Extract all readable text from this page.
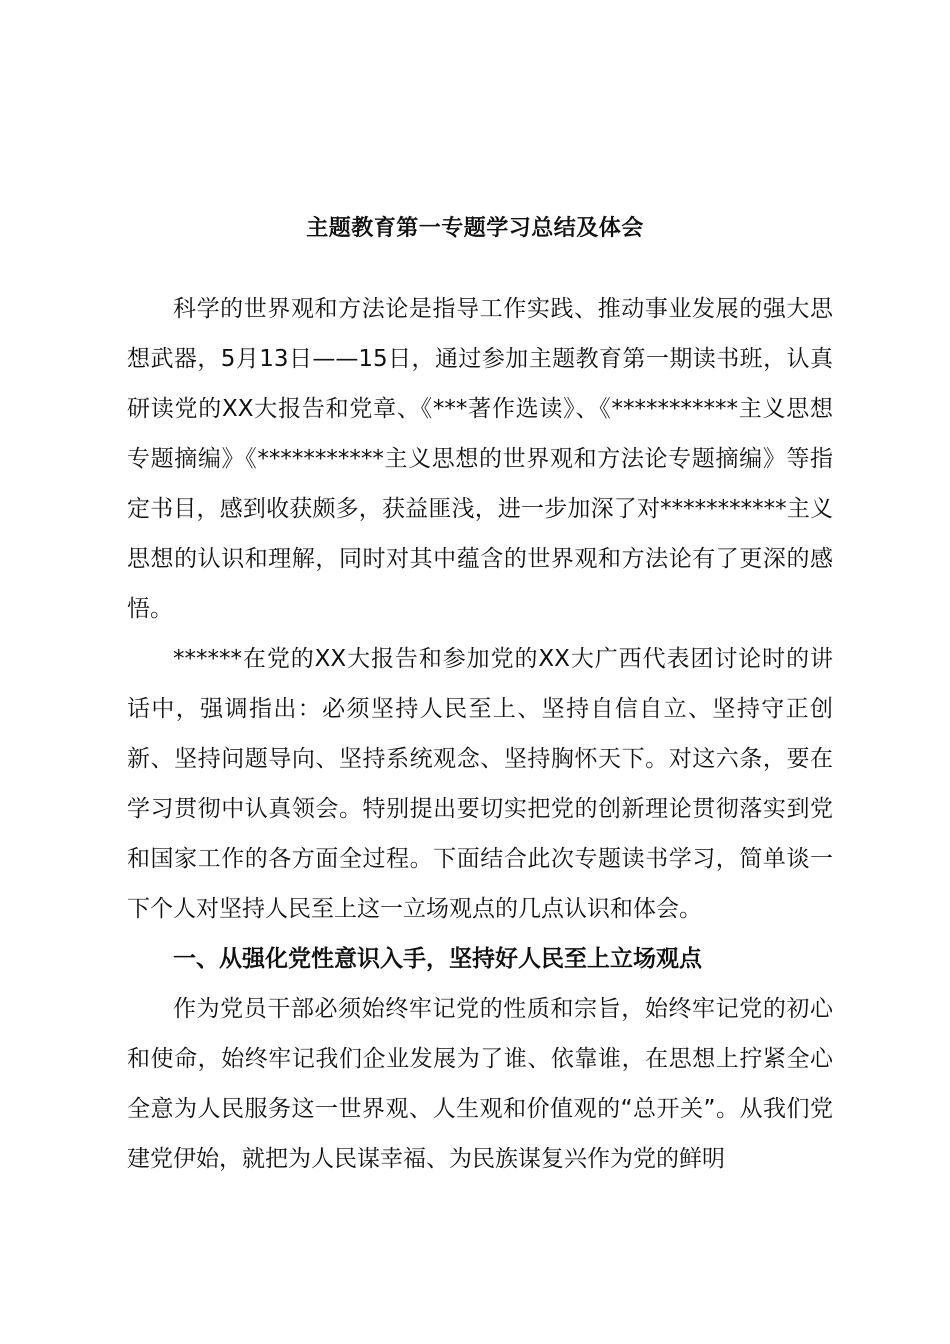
主题教育第一专题学习总结及体会

科学的世界观和方法论是指导工作实践、推动事业发展的强大思想武器，5月13日——15日，通过参加主题教育第一期读书班，认真研读党的XX大报告和党章、《***著作选读》、《***********主义思想专题摘编》《***********主义思想的世界观和方法论专题摘编》等指定书目，感到收获颇多，获益匪浅，进一步加深了对***********主义思想的认识和理解，同时对其中蕴含的世界观和方法论有了更深的感悟。

******在党的XX大报告和参加党的XX大广西代表团讨论时的讲话中，强调指出：必须坚持人民至上、坚持自信自立、坚持守正创新、坚持问题导向、坚持系统观念、坚持胸怀天下。对这六条，要在学习贯彻中认真领会。特别提出要切实把党的创新理论贯彻落实到党和国家工作的各方面全过程。下面结合此次专题读书学习，简单谈一下个人对坚持人民至上这一立场观点的几点认识和体会。

一、从强化党性意识入手，坚持好人民至上立场观点

作为党员干部必须始终牢记党的性质和宗旨，始终牢记党的初心和使命，始终牢记我们企业发展为了谁、依靠谁，在思想上拧紧全心全意为人民服务这一世界观、人生观和价值观的“总开关”。从我们党建党伊始，就把为人民谋幸福、为民族谋复兴作为党的鲜明
